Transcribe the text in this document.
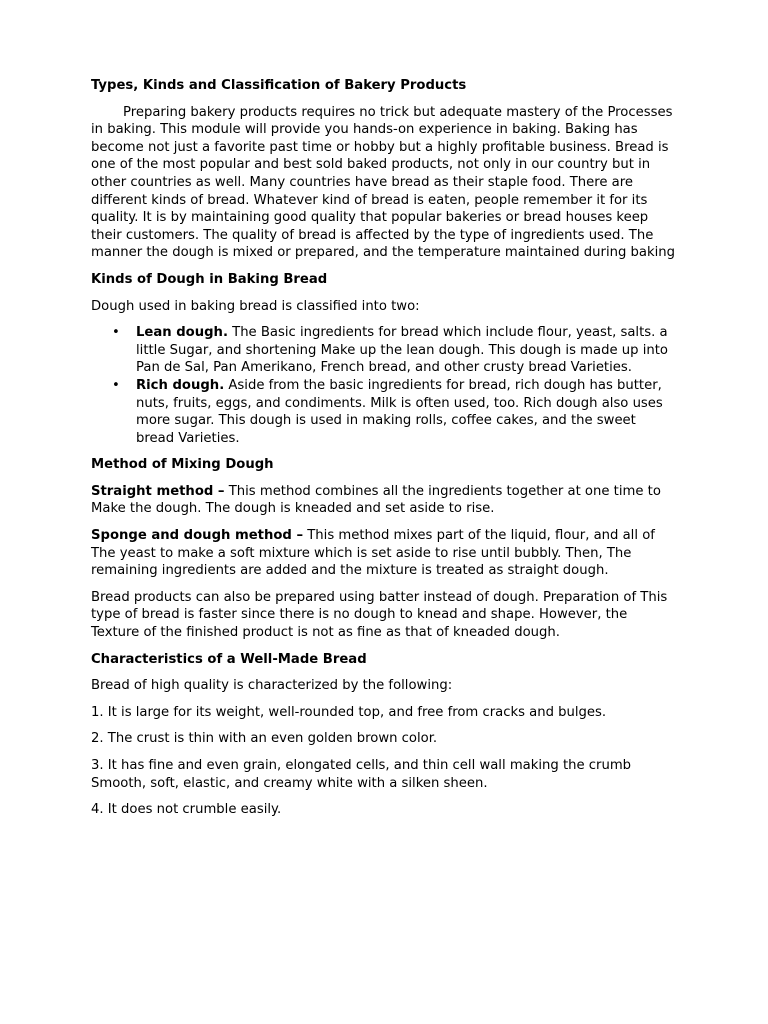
Types, Kinds and Classification of Bakery Products

Preparing bakery products requires no trick but adequate mastery of the Processes in baking. This module will provide you hands-on experience in baking. Baking has become not just a favorite past time or hobby but a highly profitable business. Bread is one of the most popular and best sold baked products, not only in our country but in other countries as well. Many countries have bread as their staple food. There are different kinds of bread. Whatever kind of bread is eaten, people remember it for its quality. It is by maintaining good quality that popular bakeries or bread houses keep their customers. The quality of bread is affected by the type of ingredients used. The manner the dough is mixed or prepared, and the temperature maintained during baking

Kinds of Dough in Baking Bread

Dough used in baking bread is classified into two:

• Lean dough. The Basic ingredients for bread which include flour, yeast, salts. a little Sugar, and shortening Make up the lean dough. This dough is made up into Pan de Sal, Pan Amerikano, French bread, and other crusty bread Varieties.
• Rich dough. Aside from the basic ingredients for bread, rich dough has butter, nuts, fruits, eggs, and condiments. Milk is often used, too. Rich dough also uses more sugar. This dough is used in making rolls, coffee cakes, and the sweet bread Varieties.

Method of Mixing Dough

Straight method – This method combines all the ingredients together at one time to Make the dough. The dough is kneaded and set aside to rise.

Sponge and dough method – This method mixes part of the liquid, flour, and all of The yeast to make a soft mixture which is set aside to rise until bubbly. Then, The remaining ingredients are added and the mixture is treated as straight dough.

Bread products can also be prepared using batter instead of dough. Preparation of This type of bread is faster since there is no dough to knead and shape. However, the Texture of the finished product is not as fine as that of kneaded dough.

Characteristics of a Well-Made Bread

Bread of high quality is characterized by the following:

1. It is large for its weight, well-rounded top, and free from cracks and bulges.

2. The crust is thin with an even golden brown color.

3. It has fine and even grain, elongated cells, and thin cell wall making the crumb Smooth, soft, elastic, and creamy white with a silken sheen.

4. It does not crumble easily.
